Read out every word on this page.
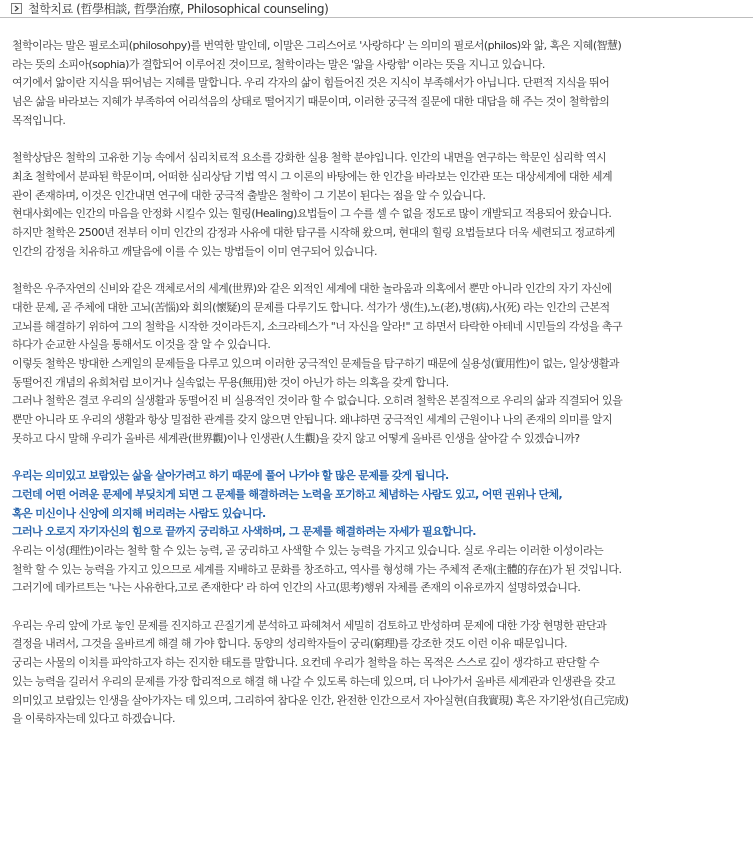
철학치료 (哲學相談, 哲學治療, Philosophical counseling)

철학이라는 말은 필로소피(philosohpy)를 번역한 말인데, 이말은 그리스어로 '사랑하다' 는 의미의 필로서(philos)와 앎, 혹은 지혜(智慧)
라는 뜻의 소피아(sophia)가 결합되어 이루어진 것이므로, 철학이라는 말은 '앎을 사랑함' 이라는 뜻을 지니고 있습니다.
여기에서 앎이란 지식을 뛰어넘는 지혜를 말합니다. 우리 각자의 삶이 힘들어진 것은 지식이 부족해서가 아닙니다. 단편적 지식을 뛰어
넘은 삶을 바라보는 지혜가 부족하여 어리석음의 상태로 떨어지기 때문이며, 이러한 궁극적 질문에 대한 대답을 해 주는 것이 철학함의
목적입니다.

철학상담은 철학의 고유한 기능 속에서 심리치료적 요소를 강화한 실용 철학 분야입니다. 인간의 내면을 연구하는 학문인 심리학 역시
최초 철학에서 분파된 학문이며, 어떠한 심리상담 기법 역시 그 이론의 바탕에는 한 인간을 바라보는 인간관 또는 대상세계에 대한 세계
관이 존재하며, 이것은 인간내면 연구에 대한 궁극적 출발은 철학이 그 기본이 된다는 점을 알 수 있습니다.
현대사회에는 인간의 마음을 안정화 시킬수 있는 힐링(Healing)요법들이 그 수를 셀 수 없을 정도로 많이 개발되고 적용되어 왔습니다.
하지만 철학은 2500년 전부터 이미 인간의 감정과 사유에 대한 탐구를 시작해 왔으며, 현대의 힐링 요법들보다 더욱 세련되고 정교하게
인간의 감정을 치유하고 깨달음에 이를 수 있는 방법들이 이미 연구되어 있습니다.

철학은 우주자연의 신비와 같은 객체로서의 세계(世界)와 같은 외적인 세계에 대한 놀라움과 의혹에서 뿐만 아니라 인간의 자기 자신에
대한 문제, 곧 주체에 대한 고뇌(苦惱)와 회의(懷疑)의 문제를 다루기도 합니다. 석가가 생(生),노(老),병(病),사(死) 라는 인간의 근본적
고뇌를 해결하기 위하여 그의 철학을 시작한 것이라든지, 소크라테스가 "너 자신을 알라!" 고 하면서 타락한 아테네 시민들의 각성을 촉구
하다가 순교한 사실을 통해서도 이것을 잘 알 수 있습니다.
이렇듯 철학은 방대한 스케일의 문제들을 다루고 있으며 이러한 궁극적인 문제들을 탐구하기 때문에 실용성(實用性)이 없는, 일상생활과
동떨어진 개념의 유희처럼 보이거나 실속없는 무용(無用)한 것이 아닌가 하는 의혹을 갖게 합니다.
그러나 철학은 결코 우리의 실생활과 동떨어진 비 실용적인 것이라 할 수 없습니다. 오히려 철학은 본질적으로 우리의 삶과 직결되어 있을
뿐만 아니라 또 우리의 생활과 항상 밀접한 관계를 갖지 않으면 안됩니다. 왜냐하면 궁극적인 세계의 근원이나 나의 존재의 의미를 알지
못하고 다시 말해 우리가 올바른 세계관(世界觀)이나 인생관(人生觀)을 갖지 않고 어떻게 올바른 인생을 살아갈 수 있겠습니까?

우리는 의미있고 보람있는 삶을 살아가려고 하기 때문에 풀어 나가야 할 많은 문제를 갖게 됩니다.
그런데 어떤 어려운 문제에 부딪치게 되면 그 문제를 해결하려는 노력을 포기하고 체념하는 사람도 있고, 어떤 권위나 단체,
혹은 미신이나 신앙에 의지해 버리려는 사람도 있습니다.
그러나 오로지 자기자신의 힘으로 끝까지 궁리하고 사색하며, 그 문제를 해결하려는 자세가 필요합니다.
우리는 이성(理性)이라는 철학 할 수 있는 능력, 곧 궁리하고 사색할 수 있는 능력을 가지고 있습니다. 실로 우리는 이러한 이성이라는
철학 할 수 있는 능력을 가지고 있으므로 세계를 지배하고 문화를 창조하고, 역사를 형성해 가는 주체적 존재(主體的存在)가 된 것입니다.
그러기에 데카르트는 '나는 사유한다,고로 존재한다' 라 하여 인간의 사고(思考)행위 자체를 존재의 이유로까지 설명하였습니다.

우리는 우리 앞에 가로 놓인 문제를 진지하고 끈질기게 분석하고 파헤쳐서 세밀히 검토하고 반성하며 문제에 대한 가장 현명한 판단과
결정을 내려서, 그것을 올바르게 해결 해 가야 합니다. 동양의 성리학자들이 궁리(窮理)를 강조한 것도 이런 이유 때문입니다.
궁리는 사물의 이치를 파악하고자 하는 진지한 태도를 말합니다. 요컨데 우리가 철학을 하는 목적은 스스로 깊이 생각하고 판단할 수
있는 능력을 길러서 우리의 문제를 가장 합리적으로 해결 해 나갈 수 있도록 하는데 있으며, 더 나아가서 올바른 세계관과 인생관을 갖고
의미있고 보람있는 인생을 살아가자는 데 있으며, 그리하여 참다운 인간, 완전한 인간으로서 자아실현(自我實現) 혹은 자기완성(自己完成)
을 이룩하자는데 있다고 하겠습니다.
